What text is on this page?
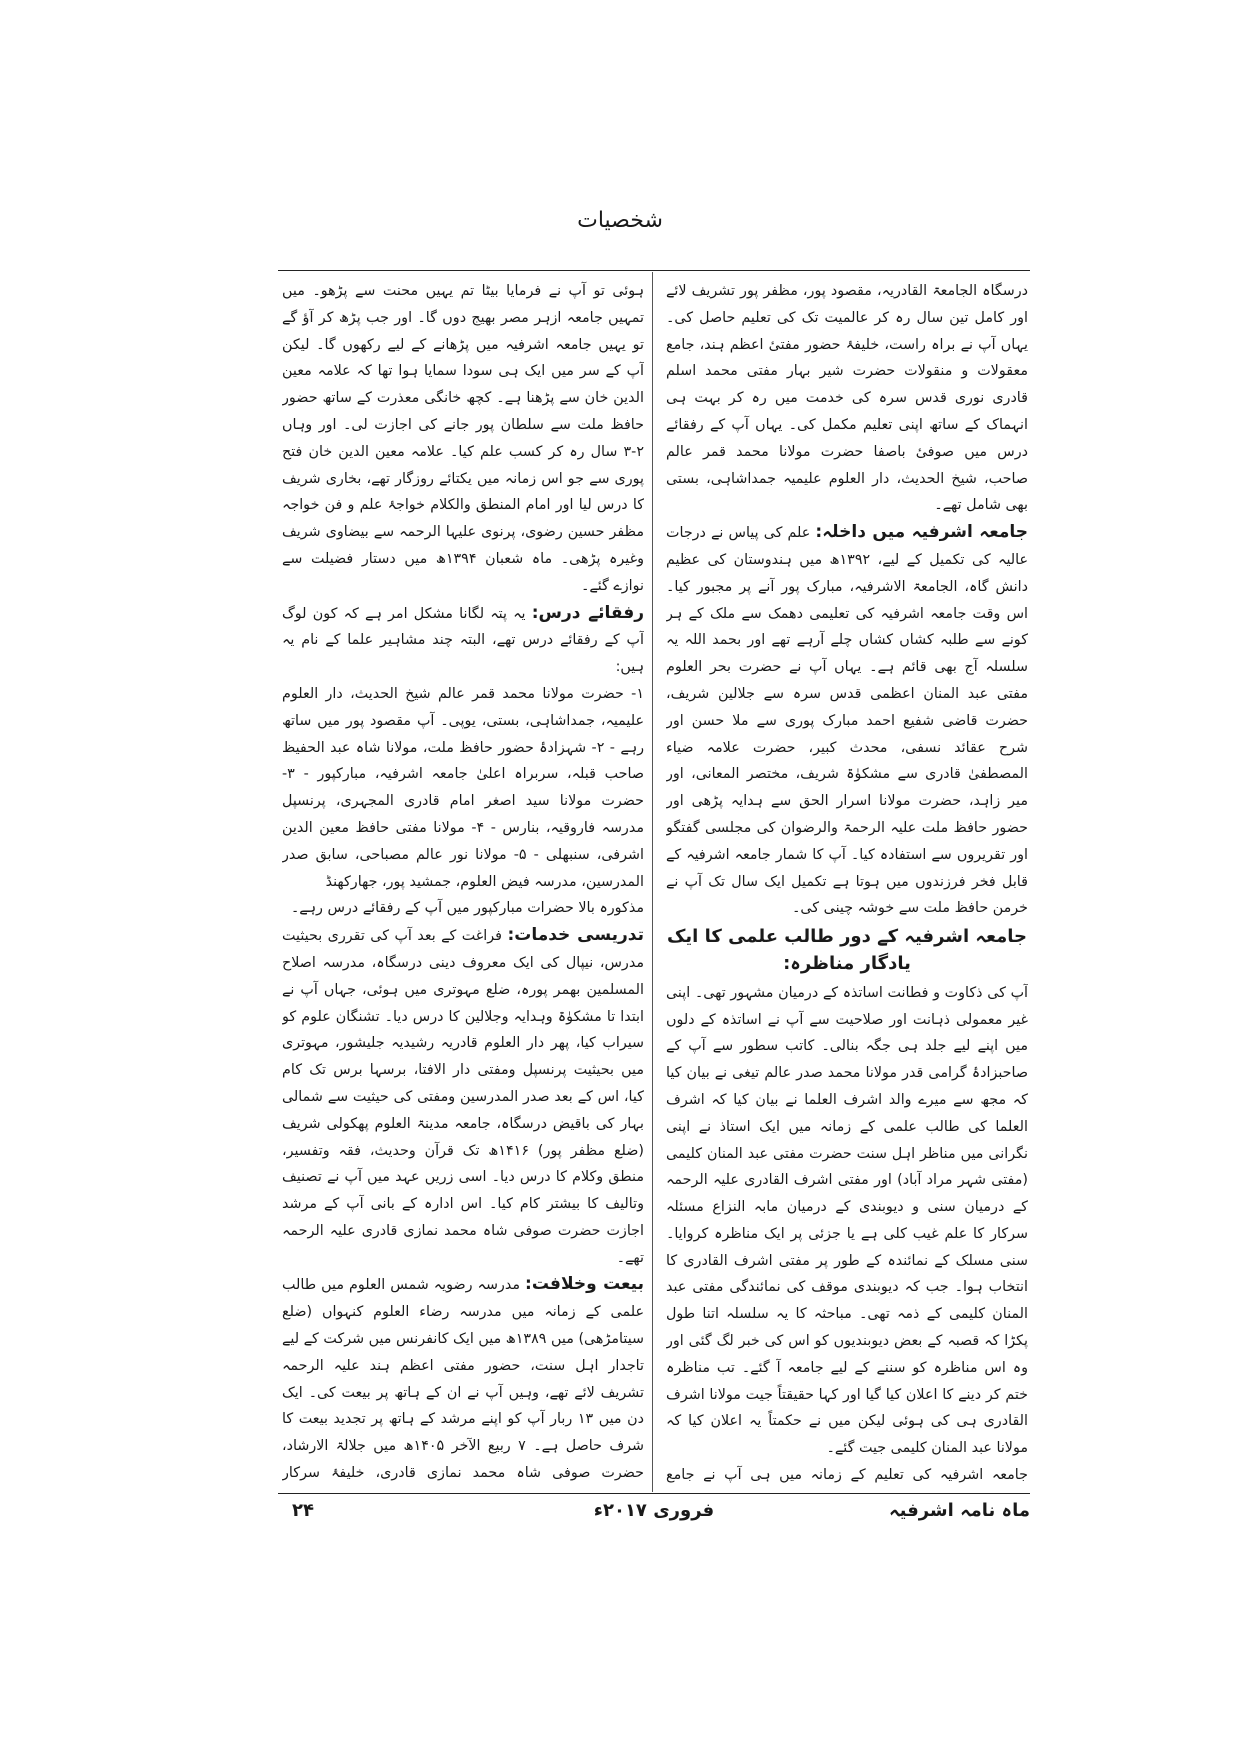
شخصیات

درسگاہ الجامعۃ القادریہ، مقصود پور، مظفر پور تشریف لائے اور کامل تین سال رہ کر عالمیت تک کی تعلیم حاصل کی۔ یہاں آپ نے براہ راست، خلیفۂ حضور مفتیٔ اعظم ہند، جامع معقولات و منقولات حضرت شیر بہار مفتی محمد اسلم قادری نوری قدس سرہ کی خدمت میں رہ کر بہت ہی انہماک کے ساتھ اپنی تعلیم مکمل کی۔ یہاں آپ کے رفقائے درس میں صوفیٔ باصفا حضرت مولانا محمد قمر عالم صاحب، شیخ الحدیث، دار العلوم علیمیہ جمداشاہی، بستی بھی شامل تھے۔

جامعہ اشرفیہ میں داخلہ: علم کی پیاس نے درجات عالیہ کی تکمیل کے لیے، ۱۳۹۲ھ میں ہندوستان کی عظیم دانش گاہ، الجامعۃ الاشرفیہ، مبارک پور آنے پر مجبور کیا۔ اس وقت جامعہ اشرفیہ کی تعلیمی دھمک سے ملک کے ہر کونے سے طلبہ کشاں کشاں چلے آرہے تھے اور بحمد اللہ یہ سلسلہ آج بھی قائم ہے۔ یہاں آپ نے حضرت بحر العلوم مفتی عبد المنان اعظمی قدس سرہ سے جلالین شریف، حضرت قاضی شفیع احمد مبارک پوری سے ملا حسن اور شرح عقائد نسفی، محدث کبیر، حضرت علامہ ضیاء المصطفیٰ قادری سے مشکوٰۃ شریف، مختصر المعانی، اور میر زاہد، حضرت مولانا اسرار الحق سے ہدایہ پڑھی اور حضور حافظ ملت علیہ الرحمۃ والرضوان کی مجلسی گفتگو اور تقریروں سے استفادہ کیا۔ آپ کا شمار جامعہ اشرفیہ کے قابل فخر فرزندوں میں ہوتا ہے تکمیل ایک سال تک آپ نے خرمن حافظ ملت سے خوشہ چینی کی۔

جامعہ اشرفیہ کے دور طالب علمی کا ایک یادگار مناظرہ:

آپ کی ذکاوت و فطانت اساتذہ کے درمیان مشہور تھی۔ اپنی غیر معمولی ذہانت اور صلاحیت سے آپ نے اساتذہ کے دلوں میں اپنے لیے جلد ہی جگہ بنالی۔ کاتب سطور سے آپ کے صاحبزادۂ گرامی قدر مولانا محمد صدر عالم تیغی نے بیان کیا کہ مجھ سے میرے والد اشرف العلما نے بیان کیا کہ اشرف العلما کی طالب علمی کے زمانہ میں ایک استاذ نے اپنی نگرانی میں مناظر اہل سنت حضرت مفتی عبد المنان کلیمی (مفتی شہر مراد آباد) اور مفتی اشرف القادری علیہ الرحمہ کے درمیان سنی و دیوبندی کے درمیان مابہ النزاع مسئلہ سرکار کا علم غیب کلی ہے یا جزئی پر ایک مناظرہ کروایا۔ سنی مسلک کے نمائندہ کے طور پر مفتی اشرف القادری کا انتخاب ہوا۔ جب کہ دیوبندی موقف کی نمائندگی مفتی عبد المنان کلیمی کے ذمہ تھی۔ مباحثہ کا یہ سلسلہ اتنا طول پکڑا کہ قصبہ کے بعض دیوبندیوں کو اس کی خبر لگ گئی اور وہ اس مناظرہ کو سننے کے لیے جامعہ آ گئے۔ تب مناظرہ ختم کر دینے کا اعلان کیا گیا اور کہا حقیقتاً جیت مولانا اشرف القادری ہی کی ہوئی لیکن میں نے حکمتاً یہ اعلان کیا کہ مولانا عبد المنان کلیمی جیت گئے۔

جامعہ اشرفیہ کی تعلیم کے زمانہ میں ہی آپ نے جامع

ہوئی تو آپ نے فرمایا بیٹا تم یہیں محنت سے پڑھو۔ میں تمہیں جامعہ ازہر مصر بھیج دوں گا۔ اور جب پڑھ کر آؤ گے تو یہیں جامعہ اشرفیہ میں پڑھانے کے لیے رکھوں گا۔ لیکن آپ کے سر میں ایک ہی سودا سمایا ہوا تھا کہ علامہ معین الدین خان سے پڑھنا ہے۔ کچھ خانگی معذرت کے ساتھ حضور حافظ ملت سے سلطان پور جانے کی اجازت لی۔ اور وہاں ۲-۳ سال رہ کر کسب علم کیا۔ علامہ معین الدین خان فتح پوری سے جو اس زمانہ میں یکتائے روزگار تھے، بخاری شریف کا درس لیا اور امام المنطق والکلام خواجۂ علم و فن خواجہ مظفر حسین رضوی، پرنوی علیہا الرحمہ سے بیضاوی شریف وغیرہ پڑھی۔ ماہ شعبان ۱۳۹۴ھ میں دستار فضیلت سے نوازے گئے۔

رفقائے درس: یہ پتہ لگانا مشکل امر ہے کہ کون لوگ آپ کے رفقائے درس تھے، البتہ چند مشاہیر علما کے نام یہ ہیں:

۱- حضرت مولانا محمد قمر عالم شیخ الحدیث، دار العلوم علیمیہ، جمداشاہی، بستی، یوپی۔ آپ مقصود پور میں ساتھ رہے - ۲- شہزادۂ حضور حافظ ملت، مولانا شاہ عبد الحفیظ صاحب قبلہ، سربراہ اعلیٰ جامعہ اشرفیہ، مبارکپور - ۳- حضرت مولانا سید اصغر امام قادری المجہری، پرنسپل مدرسہ فاروقیہ، بنارس - ۴- مولانا مفتی حافظ معین الدین اشرفی، سنبھلی - ۵- مولانا نور عالم مصباحی، سابق صدر المدرسین، مدرسہ فیض العلوم، جمشید پور، جھارکھنڈ

مذکورہ بالا حضرات مبارکپور میں آپ کے رفقائے درس رہے۔

تدریسی خدمات: فراغت کے بعد آپ کی تقرری بحیثیت مدرس، نیپال کی ایک معروف دینی درسگاہ، مدرسہ اصلاح المسلمین بھمر پورہ، ضلع مہوتری میں ہوئی، جہاں آپ نے ابتدا تا مشکوٰۃ وہدایہ وجلالین کا درس دیا۔ تشنگان علوم کو سیراب کیا، پھر دار العلوم قادریہ رشیدیہ جلیشور، مہوتری میں بحیثیت پرنسپل ومفتی دار الافتا، برسہا برس تک کام کیا، اس کے بعد صدر المدرسین ومفتی کی حیثیت سے شمالی بہار کی باقیض درسگاہ، جامعہ مدینۃ العلوم پھکولی شریف (ضلع مظفر پور) ۱۴۱۶ھ تک قرآن وحدیث، فقہ وتفسیر، منطق وکلام کا درس دیا۔ اسی زریں عہد میں آپ نے تصنیف وتالیف کا بیشتر کام کیا۔ اس ادارہ کے بانی آپ کے مرشد اجازت حضرت صوفی شاہ محمد نمازی قادری علیہ الرحمہ تھے۔

بیعت وخلافت: مدرسہ رضویہ شمس العلوم میں طالب علمی کے زمانہ میں مدرسہ رضاء العلوم کنہواں (ضلع سیتامڑھی) میں ۱۳۸۹ھ میں ایک کانفرنس میں شرکت کے لیے تاجدار اہل سنت، حضور مفتی اعظم ہند علیہ الرحمہ تشریف لائے تھے، وہیں آپ نے ان کے ہاتھ پر بیعت کی۔ ایک دن میں ۱۳ ربار آپ کو اپنے مرشد کے ہاتھ پر تجدید بیعت کا شرف حاصل ہے۔ ۷ ربیع الآخر ۱۴۰۵ھ میں جلالۃ الارشاد، حضرت صوفی شاہ محمد نمازی قادری، خلیفۂ سرکار

ماہ نامہ اشرفیہ
فروری ۲۰۱۷ء
۲۴
